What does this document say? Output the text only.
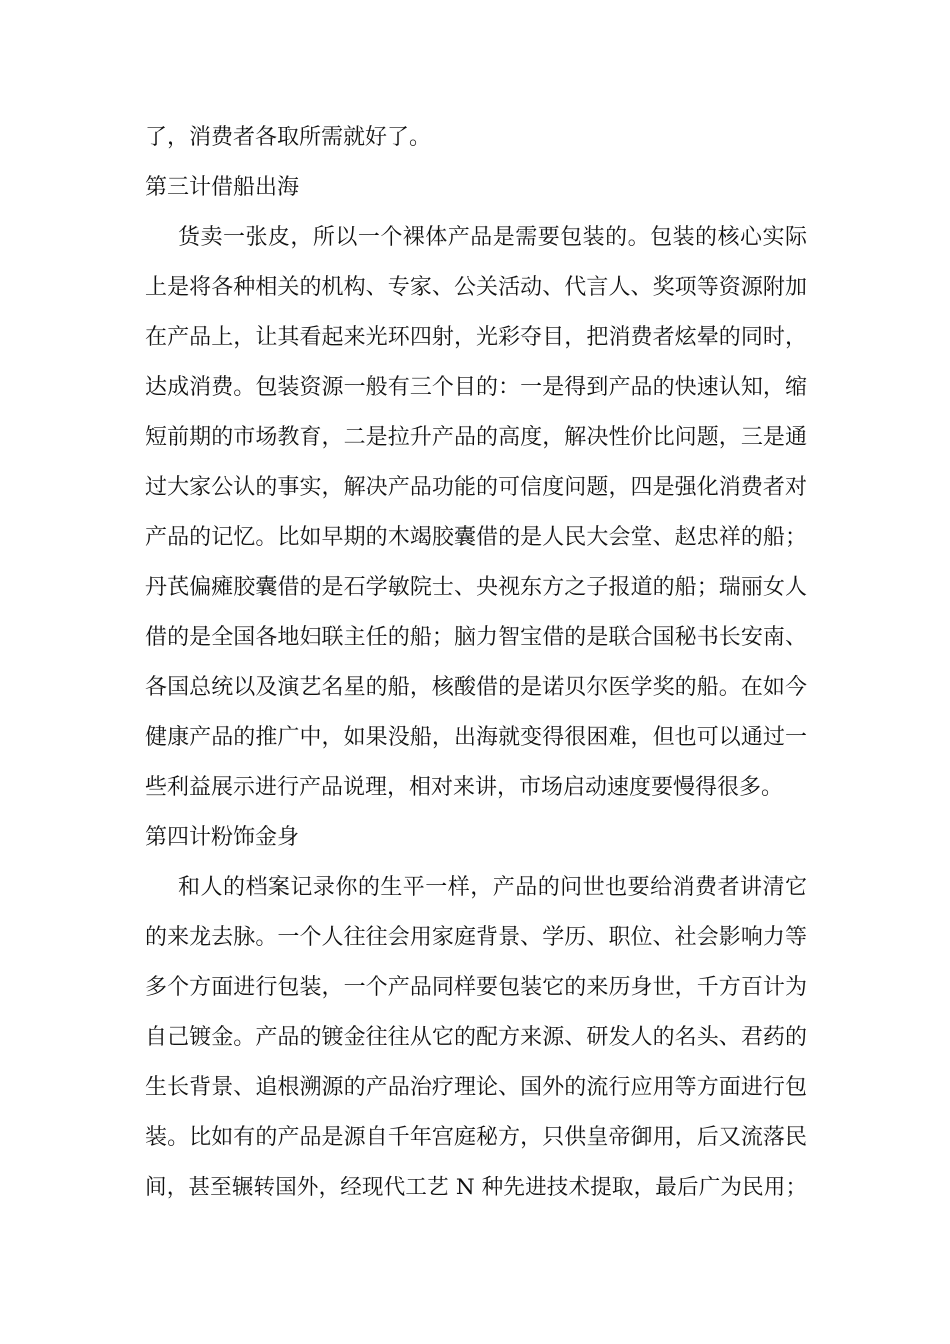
了，消费者各取所需就好了。
第三计借船出海
货卖一张皮，所以一个裸体产品是需要包装的。包装的核心实际
上是将各种相关的机构、专家、公关活动、代言人、奖项等资源附加
在产品上，让其看起来光环四射，光彩夺目，把消费者炫晕的同时，
达成消费。包装资源一般有三个目的：一是得到产品的快速认知，缩
短前期的市场教育，二是拉升产品的高度，解决性价比问题，三是通
过大家公认的事实，解决产品功能的可信度问题，四是强化消费者对
产品的记忆。比如早期的木竭胶囊借的是人民大会堂、赵忠祥的船；
丹芪偏瘫胶囊借的是石学敏院士、央视东方之子报道的船；瑞丽女人
借的是全国各地妇联主任的船；脑力智宝借的是联合国秘书长安南、
各国总统以及演艺名星的船，核酸借的是诺贝尔医学奖的船。在如今
健康产品的推广中，如果没船，出海就变得很困难，但也可以通过一
些利益展示进行产品说理，相对来讲，市场启动速度要慢得很多。
第四计粉饰金身
和人的档案记录你的生平一样，产品的问世也要给消费者讲清它
的来龙去脉。一个人往往会用家庭背景、学历、职位、社会影响力等
多个方面进行包装，一个产品同样要包装它的来历身世，千方百计为
自己镀金。产品的镀金往往从它的配方来源、研发人的名头、君药的
生长背景、追根溯源的产品治疗理论、国外的流行应用等方面进行包
装。比如有的产品是源自千年宫庭秘方，只供皇帝御用，后又流落民
间，甚至辗转国外，经现代工艺 N 种先进技术提取，最后广为民用；
